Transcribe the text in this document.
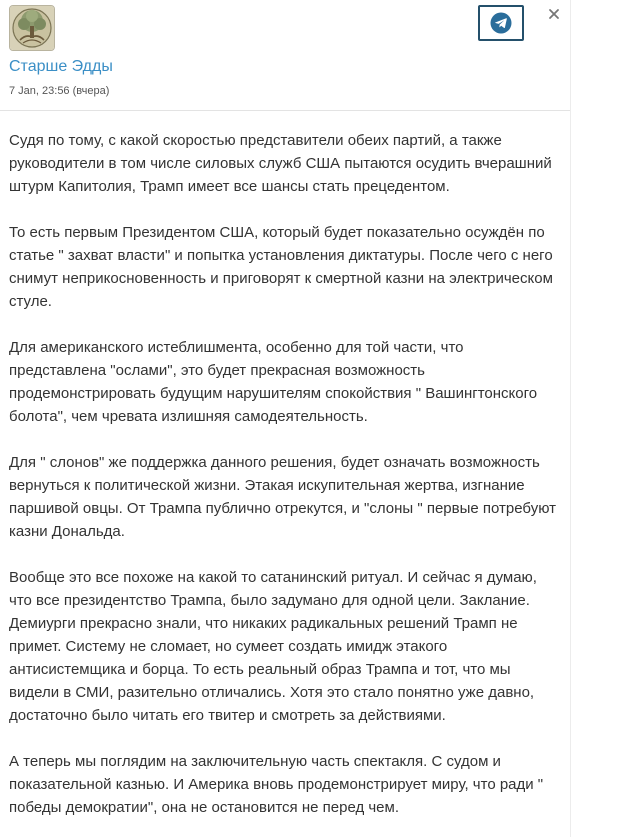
Старше Эдды
7 Jan, 23:56 (вчера)

Судя по тому, с какой скоростью представители обеих партий, а также
руководители в том числе силовых служб США пытаются осудить вчерашний
штурм Капитолия, Трамп имеет все шансы стать прецедентом.

То есть первым Президентом США, который будет показательно осуждён по
статье " захват власти" и попытка установления диктатуры. После чего с него
снимут неприкосновенность и приговорят к смертной казни на электрическом
стуле.

Для американского истеблишмента, особенно для той части, что
представлена "ослами", это будет прекрасная возможность
продемонстрировать будущим нарушителям спокойствия " Вашингтонского
болота", чем чревата излишняя самодеятельность.

Для " слонов" же поддержка данного решения, будет означать возможность
вернуться к политической жизни. Этакая искупительная жертва, изгнание
паршивой овцы. От Трампа публично отрекутся, и "слоны " первые потребуют
казни Дональда.

Вообще это все похоже на какой то сатанинский ритуал. И сейчас я думаю,
что все президентство Трампа, было задумано для одной цели. Заклание.
Демиурги прекрасно знали, что никаких радикальных решений Трамп не
примет. Систему не сломает, но сумеет создать имидж этакого
антисистемщика и борца. То есть реальный образ Трампа и тот, что мы
видели в СМИ, разительно отличались. Хотя это стало понятно уже давно,
достаточно было читать его твитер и смотреть за действиями.

А теперь мы поглядим на заключительную часть спектакля. С судом и
показательной казнью. И Америка вновь продемонстрирует миру, что ради "
победы демократии", она не остановится не перед чем.
